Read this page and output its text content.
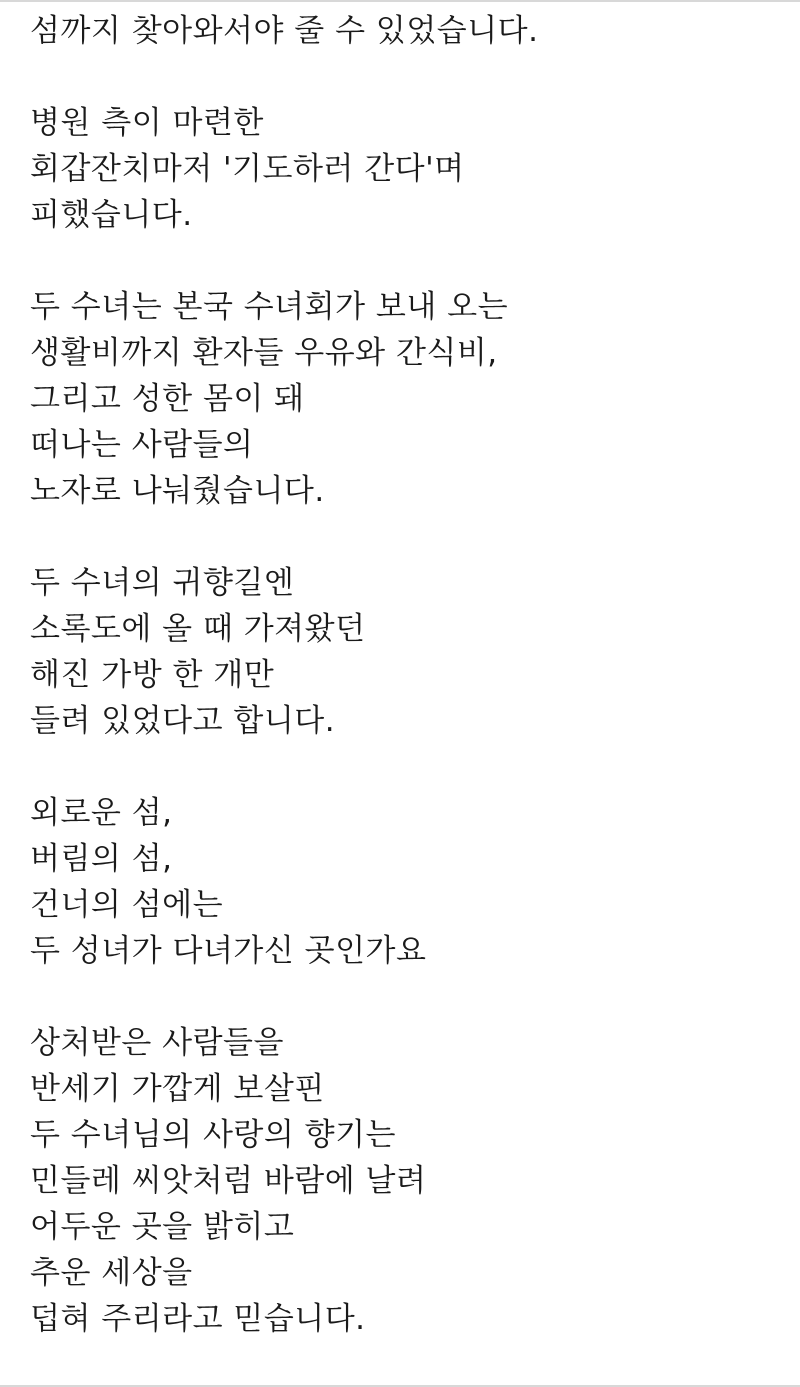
섬까지 찾아와서야 줄 수 있었습니다.
병원 측이 마련한
회갑잔치마저 '기도하러 간다'며
피했습니다.
두 수녀는 본국 수녀회가 보내 오는
생활비까지 환자들 우유와 간식비,
그리고 성한 몸이 돼
떠나는 사람들의
노자로 나눠줬습니다.
두 수녀의 귀향길엔
소록도에 올 때 가져왔던
해진 가방 한 개만
들려 있었다고 합니다.
외로운 섬,
버림의 섬,
건너의 섬에는
두 성녀가 다녀가신 곳인가요
상처받은 사람들을
반세기 가깝게 보살핀
두 수녀님의 사랑의 향기는
민들레 씨앗처럼 바람에 날려
어두운 곳을 밝히고
추운 세상을
덥혀 주리라고 믿습니다.
